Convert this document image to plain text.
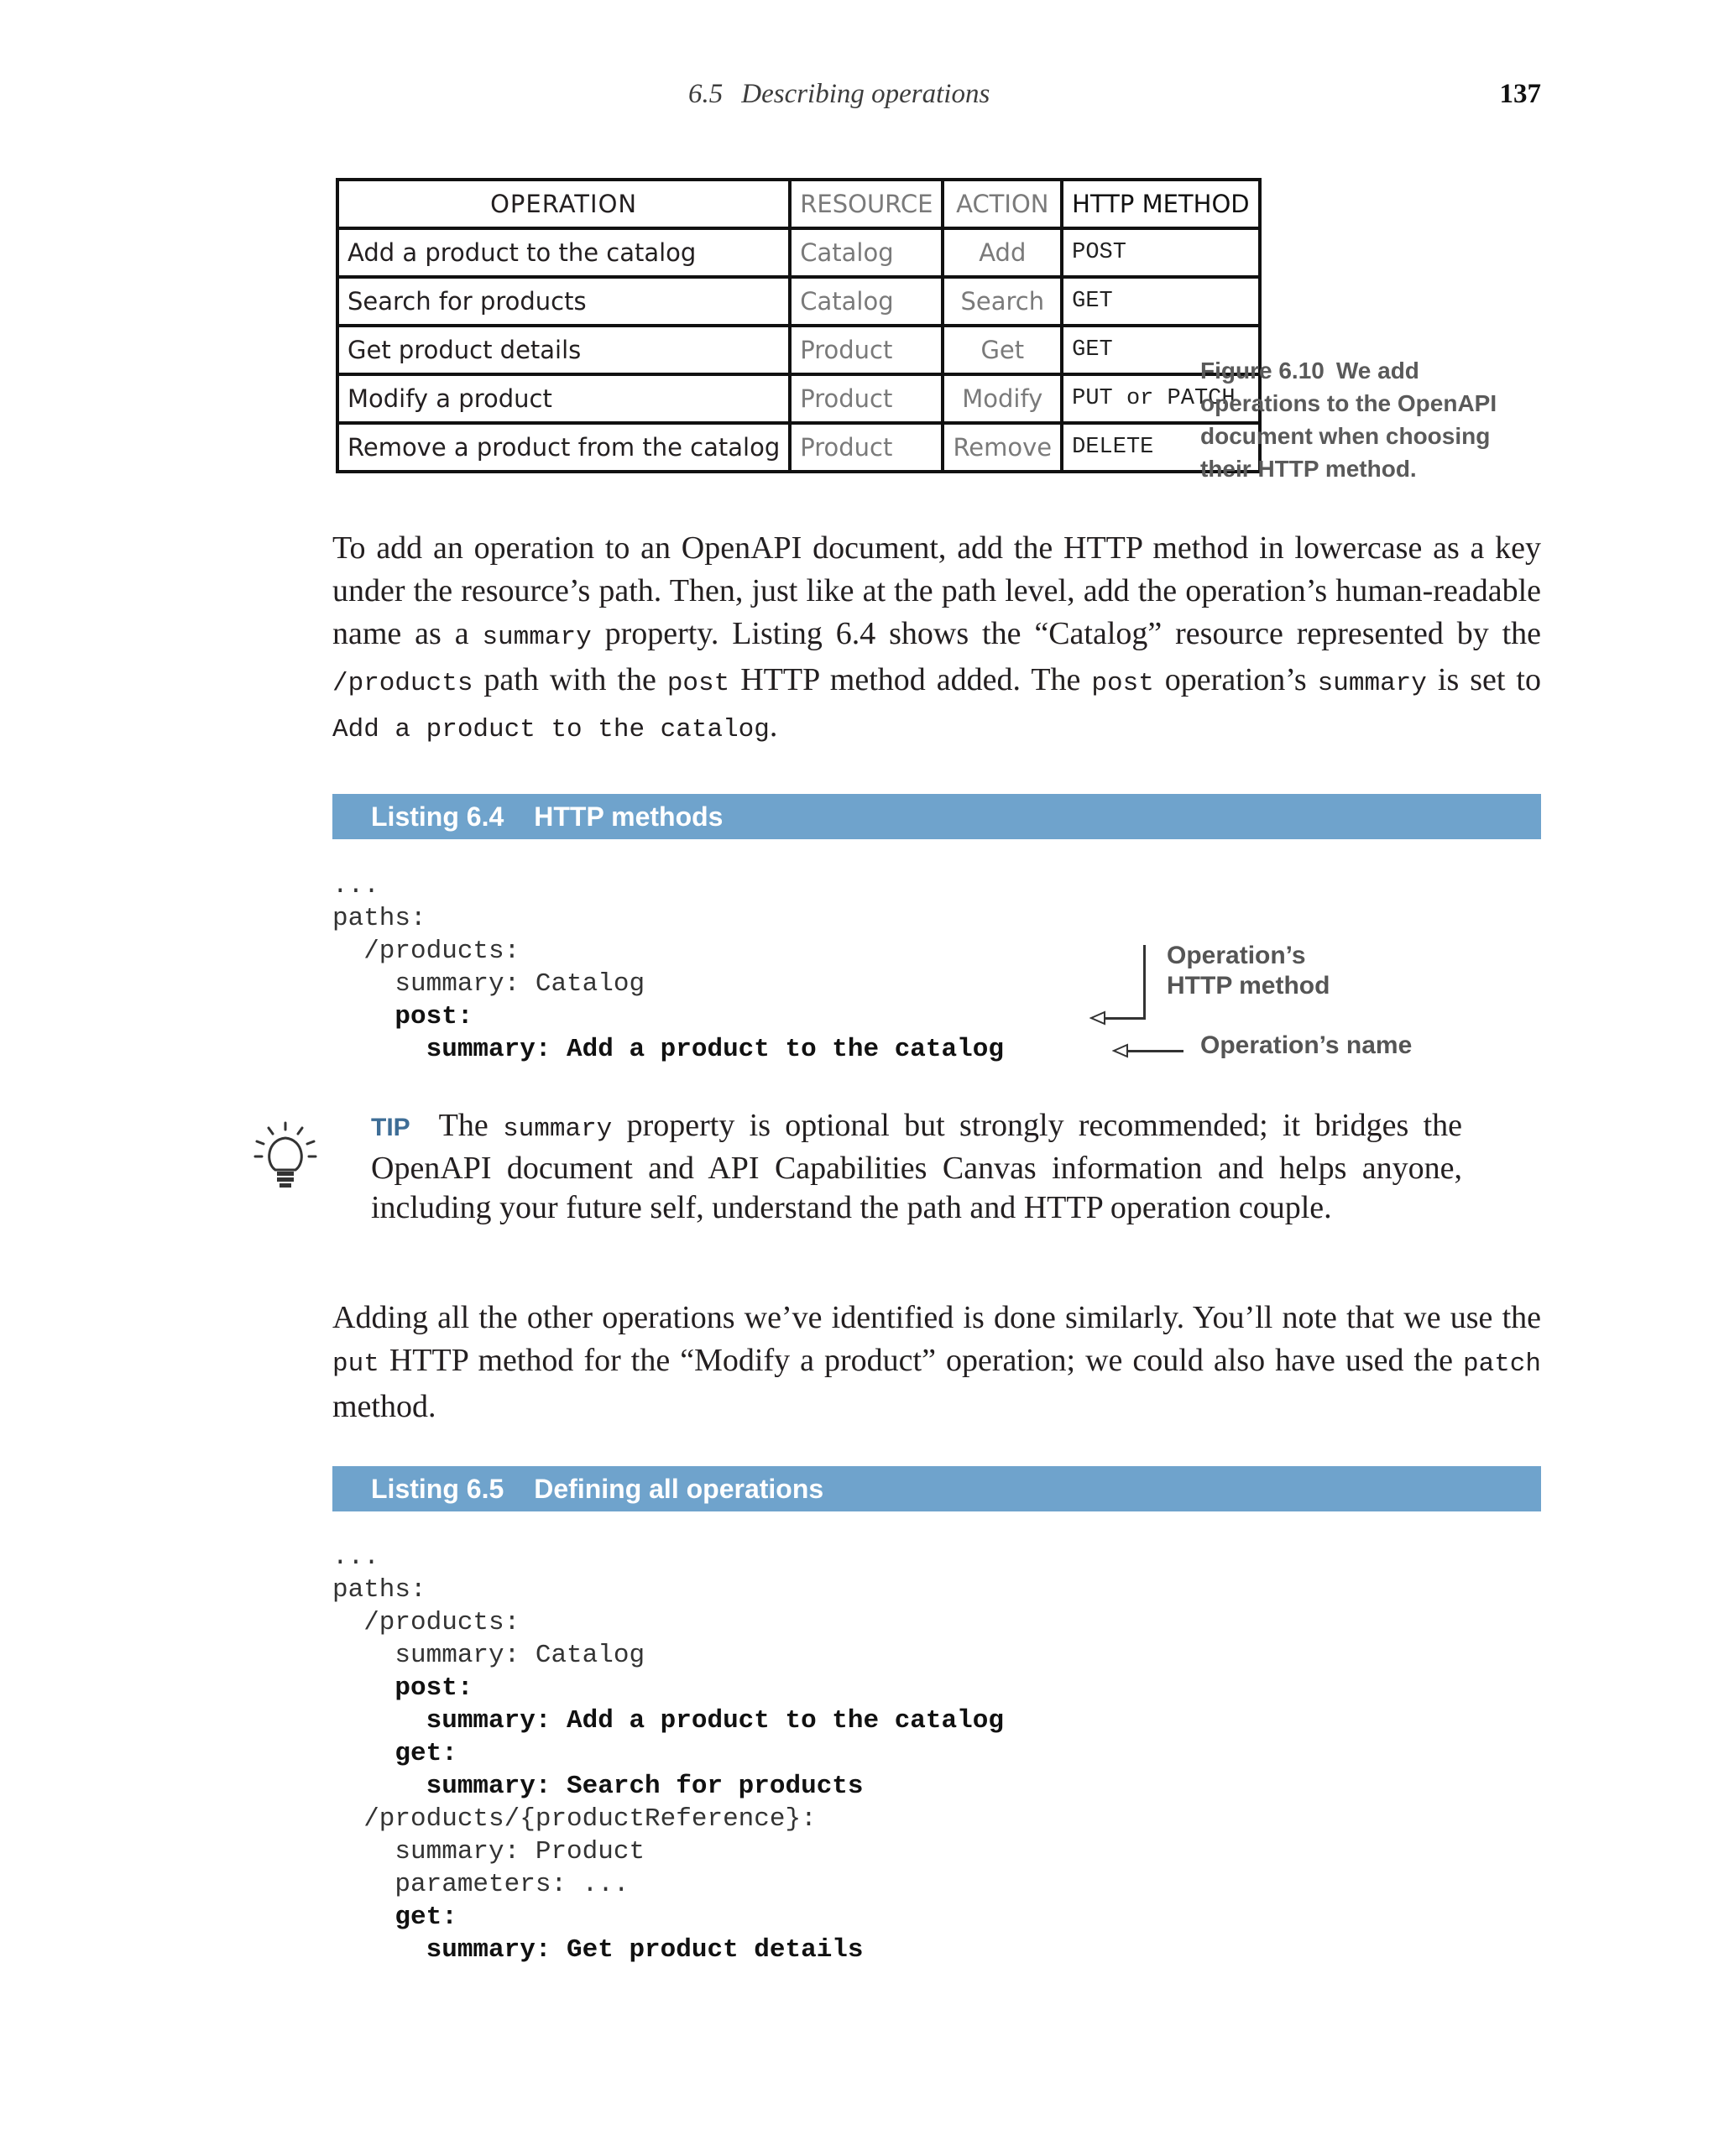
6.5 Describing operations	137
OPERATION	RESOURCE	ACTION	HTTP METHOD
Add a product to the catalog	Catalog	Add	POST
Search for products	Catalog	Search	GET
Get product details	Product	Get	GET
Modify a product	Product	Modify	PUT or PATCH
Remove a product from the catalog	Product	Remove	DELETE
Figure 6.10 We add operations to the OpenAPI document when choosing their HTTP method.

To add an operation to an OpenAPI document, add the HTTP method in lowercase as a key under the resource’s path. Then, just like at the path level, add the operation’s human-readable name as a summary property. Listing 6.4 shows the “Catalog” resource represented by the /products path with the post HTTP method added. The post operation’s summary is set to Add a product to the catalog.

Listing 6.4 HTTP methods
...
paths:
/products:
summary: Catalog
post:
summary: Add a product to the catalog
Operation’s
HTTP method
Operation’s name

TIP The summary property is optional but strongly recommended; it bridges the OpenAPI document and API Capabilities Canvas information and helps anyone, including your future self, understand the path and HTTP operation couple.

Adding all the other operations we’ve identified is done similarly. You’ll note that we use the put HTTP method for the “Modify a product” operation; we could also have used the patch method.

Listing 6.5 Defining all operations
...
paths:
/products:
summary: Catalog
post:
summary: Add a product to the catalog
get:
summary: Search for products
/products/{productReference}:
summary: Product
parameters: ...
get:
summary: Get product details
